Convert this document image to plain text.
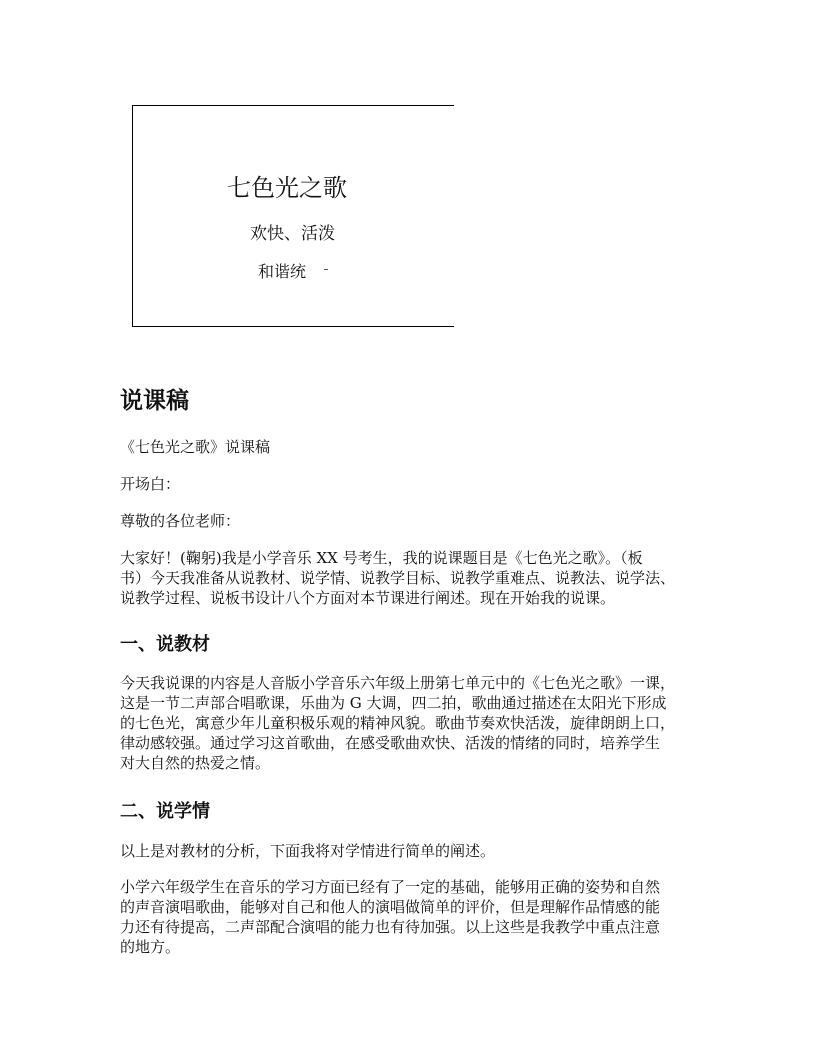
七色光之歌
欢快、活泼
和谐统
说课稿
《七色光之歌》说课稿
开场白：
尊敬的各位老师：
大家好！(鞠躬)我是小学音乐 XX 号考生，我的说课题目是《七色光之歌》。（板
书）今天我准备从说教材、说学情、说教学目标、说教学重难点、说教法、说学法、
说教学过程、说板书设计八个方面对本节课进行阐述。现在开始我的说课。
一、说教材
今天我说课的内容是人音版小学音乐六年级上册第七单元中的《七色光之歌》一课，
这是一节二声部合唱歌课，乐曲为 G 大调，四二拍，歌曲通过描述在太阳光下形成
的七色光，寓意少年儿童积极乐观的精神风貌。歌曲节奏欢快活泼，旋律朗朗上口，
律动感较强。通过学习这首歌曲，在感受歌曲欢快、活泼的情绪的同时，培养学生
对大自然的热爱之情。
二、说学情
以上是对教材的分析，下面我将对学情进行简单的阐述。
小学六年级学生在音乐的学习方面已经有了一定的基础，能够用正确的姿势和自然
的声音演唱歌曲，能够对自己和他人的演唱做简单的评价，但是理解作品情感的能
力还有待提高，二声部配合演唱的能力也有待加强。以上这些是我教学中重点注意
的地方。
